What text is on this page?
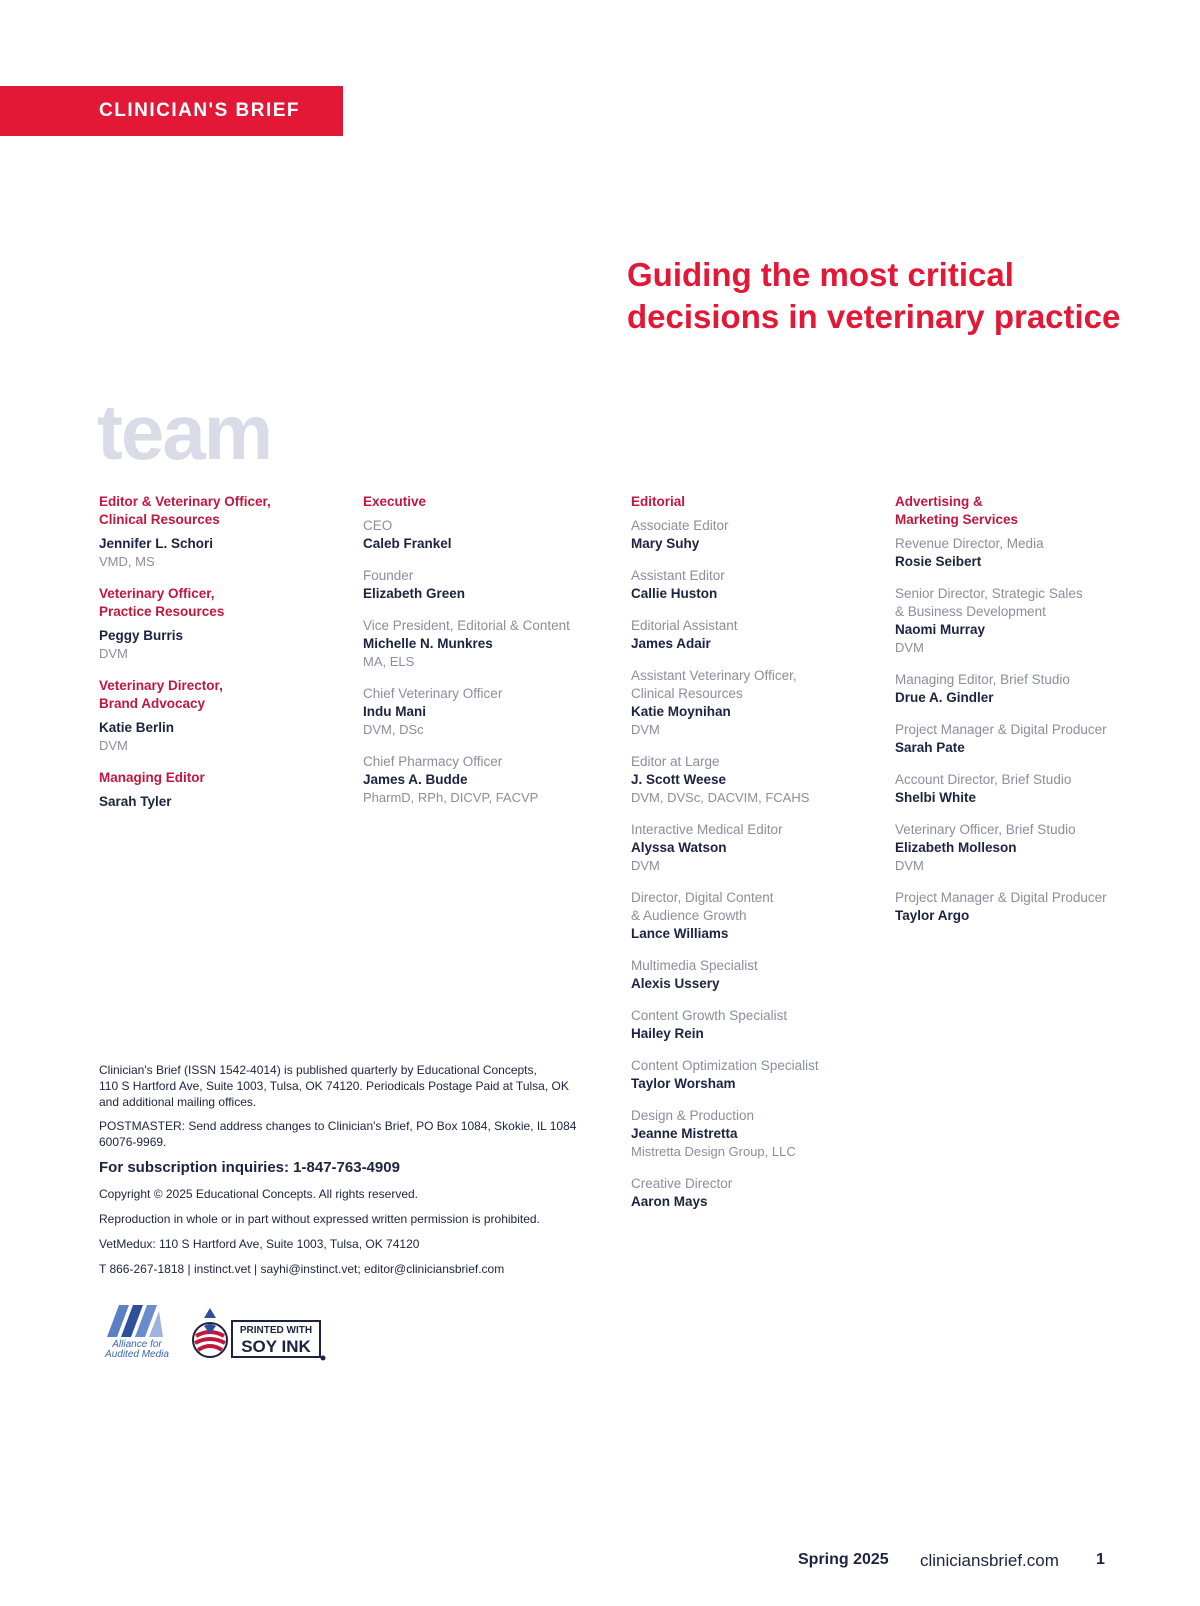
CLINICIAN'S BRIEF
Guiding the most critical
decisions in veterinary practice
team
Editor & Veterinary Officer,
Clinical Resources
Jennifer L. Schori
VMD, MS
Veterinary Officer,
Practice Resources
Peggy Burris
DVM
Veterinary Director,
Brand Advocacy
Katie Berlin
DVM
Managing Editor
Sarah Tyler
Executive
CEO
Caleb Frankel
Founder
Elizabeth Green
Vice President, Editorial & Content
Michelle N. Munkres
MA, ELS
Chief Veterinary Officer
Indu Mani
DVM, DSc
Chief Pharmacy Officer
James A. Budde
PharmD, RPh, DICVP, FACVP
Editorial
Associate Editor
Mary Suhy
Assistant Editor
Callie Huston
Editorial Assistant
James Adair
Assistant Veterinary Officer,
Clinical Resources
Katie Moynihan
DVM
Editor at Large
J. Scott Weese
DVM, DVSc, DACVIM, FCAHS
Interactive Medical Editor
Alyssa Watson
DVM
Director, Digital Content
& Audience Growth
Lance Williams
Multimedia Specialist
Alexis Ussery
Content Growth Specialist
Hailey Rein
Content Optimization Specialist
Taylor Worsham
Design & Production
Jeanne Mistretta
Mistretta Design Group, LLC
Creative Director
Aaron Mays
Advertising &
Marketing Services
Revenue Director, Media
Rosie Seibert
Senior Director, Strategic Sales
& Business Development
Naomi Murray
DVM
Managing Editor, Brief Studio
Drue A. Gindler
Project Manager & Digital Producer
Sarah Pate
Account Director, Brief Studio
Shelbi White
Veterinary Officer, Brief Studio
Elizabeth Molleson
DVM
Project Manager & Digital Producer
Taylor Argo

Clinician's Brief (ISSN 1542-4014) is published quarterly by Educational Concepts,
110 S Hartford Ave, Suite 1003, Tulsa, OK 74120. Periodicals Postage Paid at Tulsa, OK
and additional mailing offices.

POSTMASTER: Send address changes to Clinician's Brief, PO Box 1084, Skokie, IL 1084
60076-9969.

For subscription inquiries: 1-847-763-4909
Copyright © 2025 Educational Concepts. All rights reserved.
Reproduction in whole or in part without expressed written permission is prohibited.
VetMedux: 110 S Hartford Ave, Suite 1003, Tulsa, OK 74120
T 866-267-1818 | instinct.vet | sayhi@instinct.vet; editor@cliniciansbrief.com
Alliance for
Audited Media
PRINTED WITH
SOY INK
Spring 2025 cliniciansbrief.com 1
